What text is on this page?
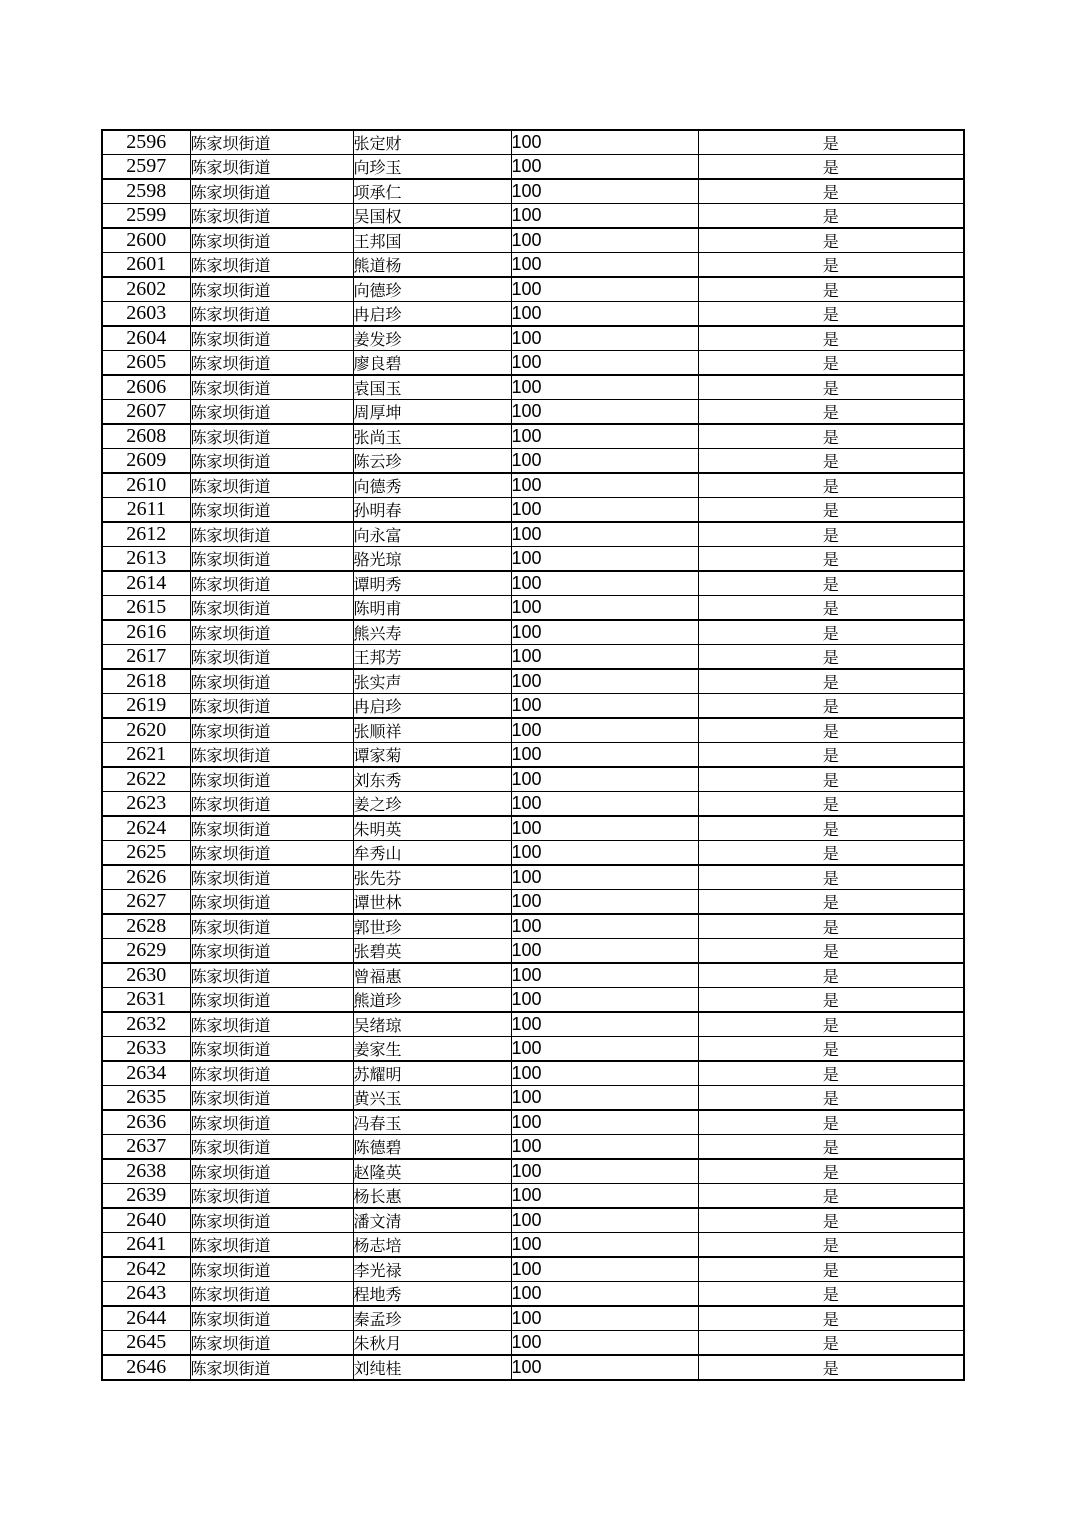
2596	陈家坝街道	张定财	100	是
2597	陈家坝街道	向珍玉	100	是
2598	陈家坝街道	项承仁	100	是
2599	陈家坝街道	吴国权	100	是
2600	陈家坝街道	王邦国	100	是
2601	陈家坝街道	熊道杨	100	是
2602	陈家坝街道	向德珍	100	是
2603	陈家坝街道	冉启珍	100	是
2604	陈家坝街道	姜发珍	100	是
2605	陈家坝街道	廖良碧	100	是
2606	陈家坝街道	袁国玉	100	是
2607	陈家坝街道	周厚坤	100	是
2608	陈家坝街道	张尚玉	100	是
2609	陈家坝街道	陈云珍	100	是
2610	陈家坝街道	向德秀	100	是
2611	陈家坝街道	孙明春	100	是
2612	陈家坝街道	向永富	100	是
2613	陈家坝街道	骆光琼	100	是
2614	陈家坝街道	谭明秀	100	是
2615	陈家坝街道	陈明甫	100	是
2616	陈家坝街道	熊兴寿	100	是
2617	陈家坝街道	王邦芳	100	是
2618	陈家坝街道	张实声	100	是
2619	陈家坝街道	冉启珍	100	是
2620	陈家坝街道	张顺祥	100	是
2621	陈家坝街道	谭家菊	100	是
2622	陈家坝街道	刘东秀	100	是
2623	陈家坝街道	姜之珍	100	是
2624	陈家坝街道	朱明英	100	是
2625	陈家坝街道	牟秀山	100	是
2626	陈家坝街道	张先芬	100	是
2627	陈家坝街道	谭世林	100	是
2628	陈家坝街道	郭世珍	100	是
2629	陈家坝街道	张碧英	100	是
2630	陈家坝街道	曾福惠	100	是
2631	陈家坝街道	熊道珍	100	是
2632	陈家坝街道	吴绪琼	100	是
2633	陈家坝街道	姜家生	100	是
2634	陈家坝街道	苏耀明	100	是
2635	陈家坝街道	黄兴玉	100	是
2636	陈家坝街道	冯春玉	100	是
2637	陈家坝街道	陈德碧	100	是
2638	陈家坝街道	赵隆英	100	是
2639	陈家坝街道	杨长惠	100	是
2640	陈家坝街道	潘文清	100	是
2641	陈家坝街道	杨志培	100	是
2642	陈家坝街道	李光禄	100	是
2643	陈家坝街道	程地秀	100	是
2644	陈家坝街道	秦孟珍	100	是
2645	陈家坝街道	朱秋月	100	是
2646	陈家坝街道	刘纯桂	100	是
